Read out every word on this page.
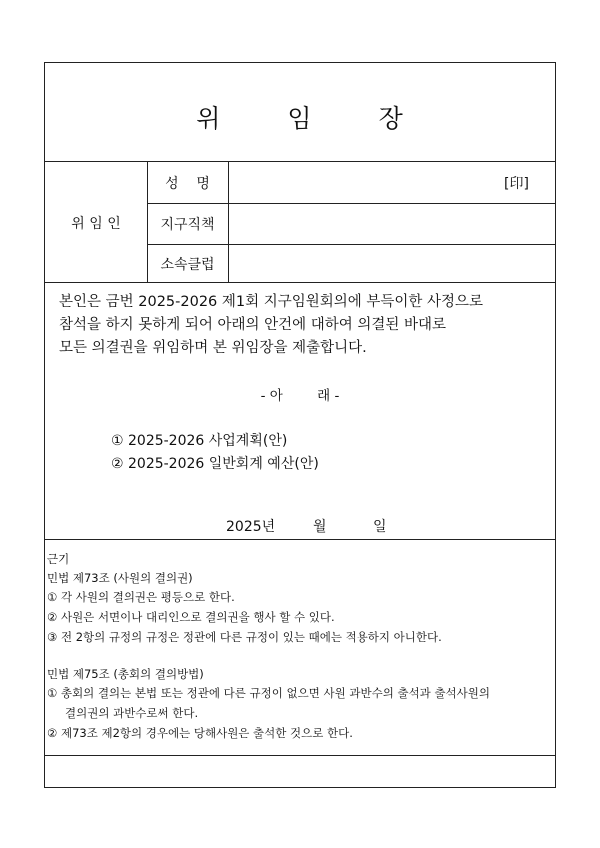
위	임	장
위 임 인
성    명	[印]
지구직책
소속클럽
본인은 금번 2025-2026 제1회 지구임원회의에 부득이한 사정으로
참석을 하지 못하게 되어 아래의 안건에 대하여 의결된 바대로
모든 의결권을 위임하며 본 위임장을 제출합니다.
- 아        래 -
① 2025-2026 사업계획(안)
② 2025-2026 일반회계 예산(안)
2025년	월	일
근기
민법 제73조 (사원의 결의권)
① 각 사원의 결의권은 평등으로 한다.
② 사원은 서면이나 대리인으로 결의권을 행사 할 수 있다.
③ 전 2항의 규정의 규정은 정관에 다른 규정이 있는 때에는 적용하지 아니한다.
민법 제75조 (총회의 결의방법)
① 총회의 결의는 본법 또는 정관에 다른 규정이 없으면 사원 과반수의 출석과 출석사원의
결의권의 과반수로써 한다.
② 제73조 제2항의 경우에는 당해사원은 출석한 것으로 한다.
